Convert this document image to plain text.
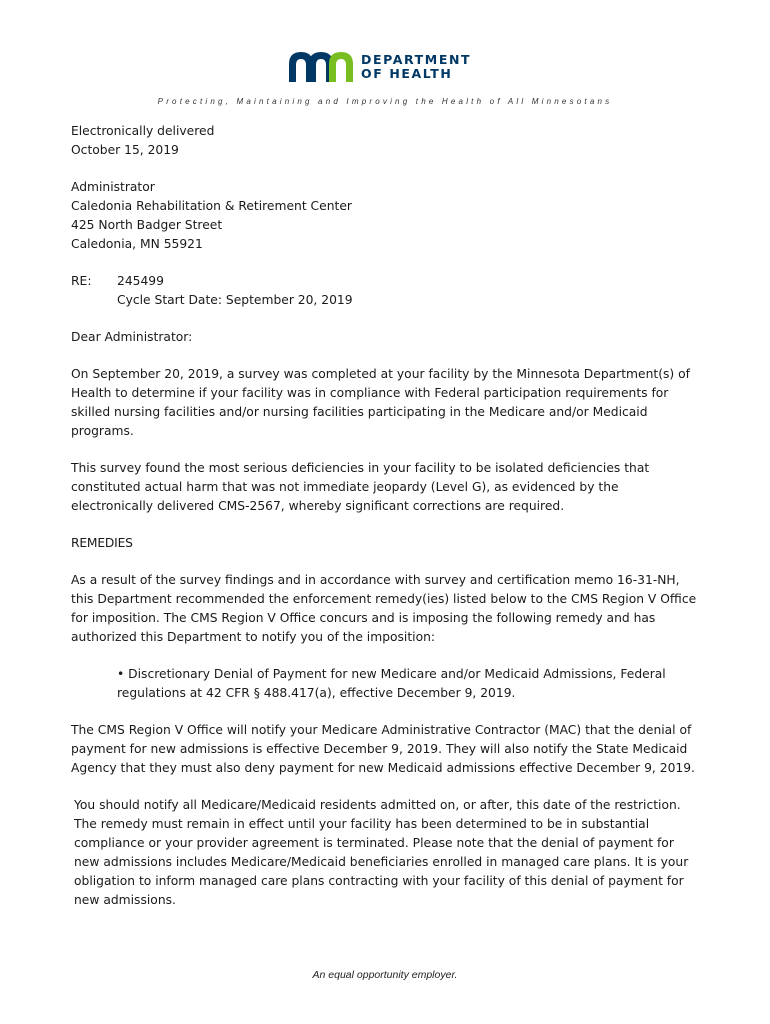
DEPARTMENT
OF HEALTH
Protecting, Maintaining and Improving the Health of All Minnesotans

Electronically delivered

October 15, 2019

Administrator

Caledonia Rehabilitation & Retirement Center

425 North Badger Street

Caledonia, MN 55921

RE:	245499

Cycle Start Date: September 20, 2019

Dear Administrator:

On September 20, 2019, a survey was completed at your facility by the Minnesota Department(s) of Health to determine if your facility was in compliance with Federal participation requirements for skilled nursing facilities and/or nursing facilities participating in the Medicare and/or Medicaid programs.

This survey found the most serious deficiencies in your facility to be isolated deficiencies that constituted actual harm that was not immediate jeopardy (Level G), as evidenced by the electronically delivered CMS-2567, whereby significant corrections are required.

REMEDIES

As a result of the survey findings and in accordance with survey and certification memo 16-31-NH, this Department recommended the enforcement remedy(ies) listed below to the CMS Region V Office for imposition. The CMS Region V Office concurs and is imposing the following remedy and has authorized this Department to notify you of the imposition:

• Discretionary Denial of Payment for new Medicare and/or Medicaid Admissions, Federal regulations at 42 CFR § 488.417(a), effective December 9, 2019.

The CMS Region V Office will notify your Medicare Administrative Contractor (MAC) that the denial of payment for new admissions is effective December 9, 2019. They will also notify the State Medicaid Agency that they must also deny payment for new Medicaid admissions effective December 9, 2019.

You should notify all Medicare/Medicaid residents admitted on, or after, this date of the restriction. The remedy must remain in effect until your facility has been determined to be in substantial compliance or your provider agreement is terminated. Please note that the denial of payment for new admissions includes Medicare/Medicaid beneficiaries enrolled in managed care plans. It is your obligation to inform managed care plans contracting with your facility of this denial of payment for new admissions.

An equal opportunity employer.
